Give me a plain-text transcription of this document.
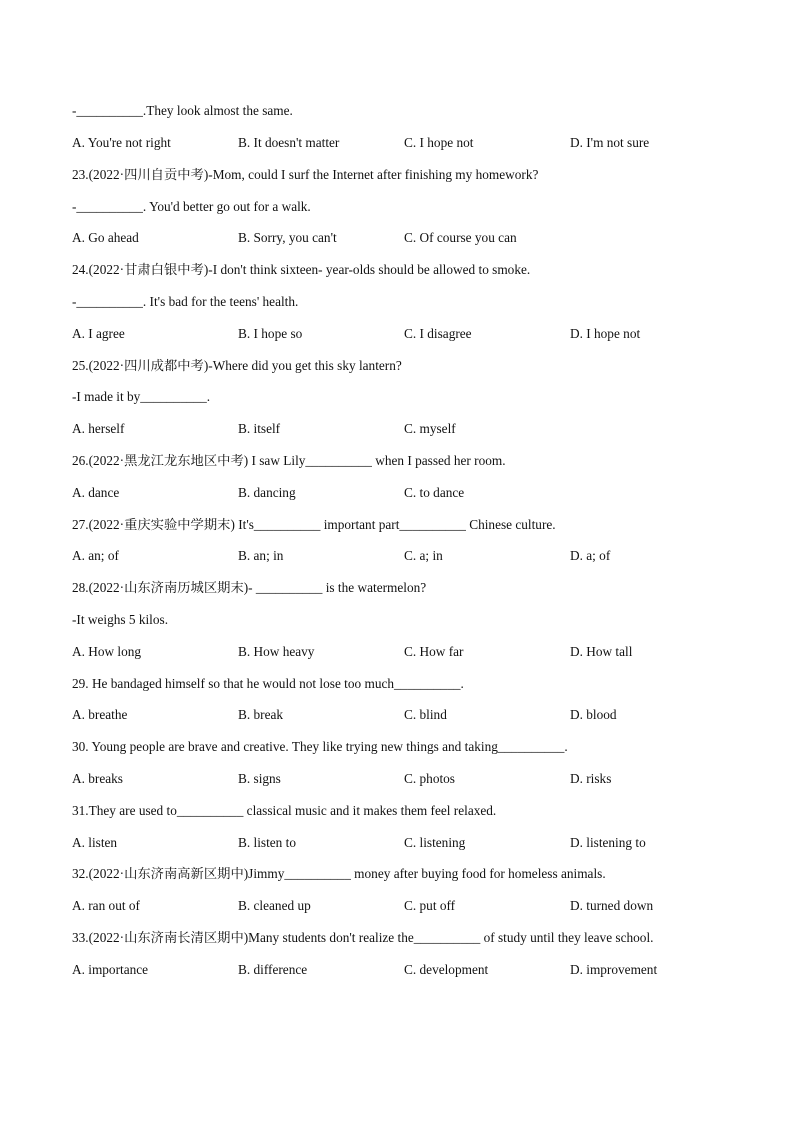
-__________.They look almost the same.
A. You're not right	B. It doesn't matter	C. I hope not	D. I'm not sure
23.(2022·四川自贡中考)-Mom, could I surf the Internet after finishing my homework?
-__________. You'd better go out for a walk.
A. Go ahead	B. Sorry, you can't	C. Of course you can
24.(2022·甘肃白银中考)-I don't think sixteen- year-olds should be allowed to smoke.
-__________. It's bad for the teens' health.
A. I agree	B. I hope so	C. I disagree	D. I hope not
25.(2022·四川成都中考)-Where did you get this sky lantern?
-I made it by__________.
A. herself	B. itself	C. myself
26.(2022·黑龙江龙东地区中考) I saw Lily__________ when I passed her room.
A. dance	B. dancing	C. to dance
27.(2022·重庆实验中学期末) It's__________ important part__________ Chinese culture.
A. an; of	B. an; in	C. a; in	D. a; of
28.(2022·山东济南历城区期末)- __________ is the watermelon?
-It weighs 5 kilos.
A. How long	B. How heavy	C. How far	D. How tall
29. He bandaged himself so that he would not lose too much__________.
A. breathe	B. break	C. blind	D. blood
30. Young people are brave and creative. They like trying new things and taking__________.
A. breaks	B. signs	C. photos	D. risks
31.They are used to__________ classical music and it makes them feel relaxed.
A. listen	B. listen to	C. listening	D. listening to
32.(2022·山东济南高新区期中)Jimmy__________ money after buying food for homeless animals.
A. ran out of	B. cleaned up	C. put off	D. turned down
33.(2022·山东济南长清区期中)Many students don't realize the__________ of study until they leave school.
A. importance	B. difference	C. development	D. improvement
